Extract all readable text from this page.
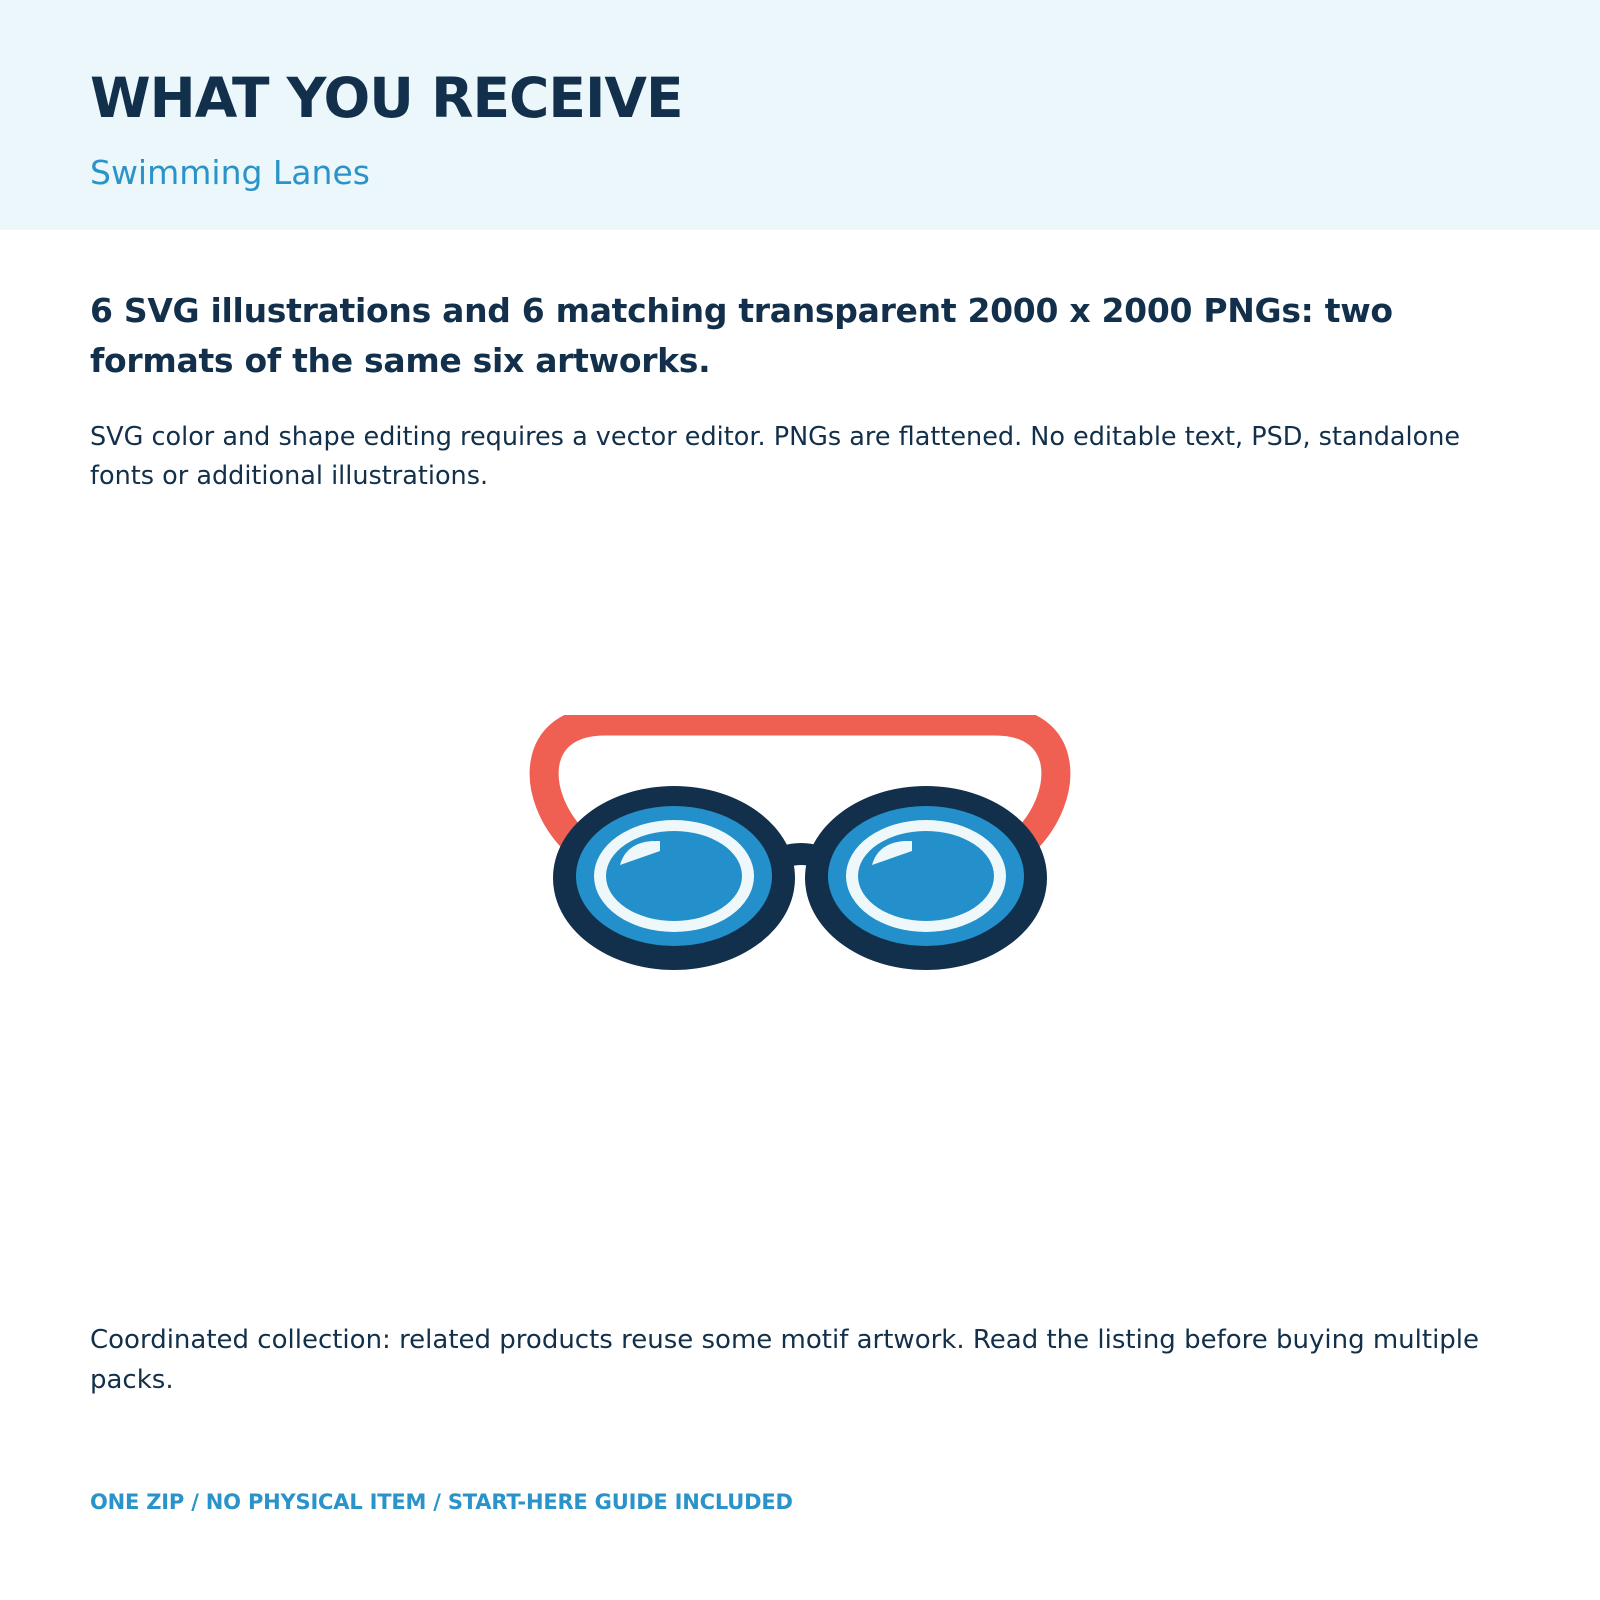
WHAT YOU RECEIVE
Swimming Lanes

6 SVG illustrations and 6 matching transparent 2000 x 2000 PNGs: two formats of the same six artworks.

SVG color and shape editing requires a vector editor. PNGs are flattened. No editable text, PSD, standalone fonts or additional illustrations.

Coordinated collection: related products reuse some motif artwork. Read the listing before buying multiple packs.

ONE ZIP / NO PHYSICAL ITEM / START-HERE GUIDE INCLUDED
